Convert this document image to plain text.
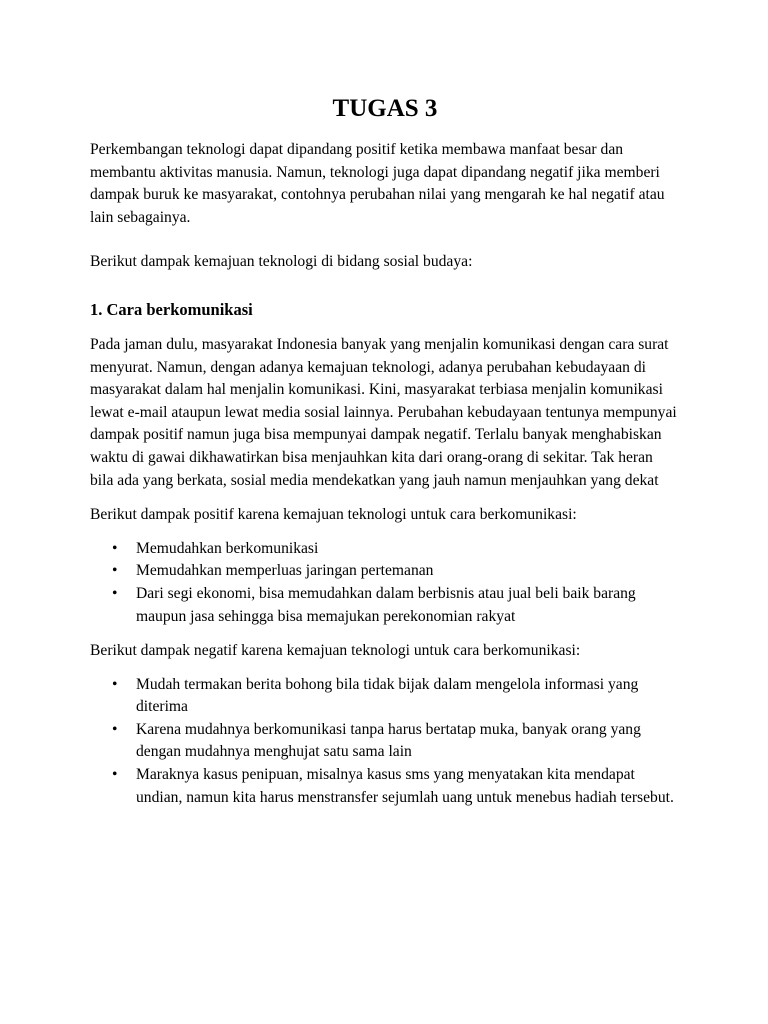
TUGAS 3

Perkembangan teknologi dapat dipandang positif ketika membawa manfaat besar dan membantu aktivitas manusia. Namun, teknologi juga dapat dipandang negatif jika memberi dampak buruk ke masyarakat, contohnya perubahan nilai yang mengarah ke hal negatif atau lain sebagainya.

Berikut dampak kemajuan teknologi di bidang sosial budaya:

1. Cara berkomunikasi

Pada jaman dulu, masyarakat Indonesia banyak yang menjalin komunikasi dengan cara surat menyurat. Namun, dengan adanya kemajuan teknologi, adanya perubahan kebudayaan di masyarakat dalam hal menjalin komunikasi. Kini, masyarakat terbiasa menjalin komunikasi lewat e-mail ataupun lewat media sosial lainnya. Perubahan kebudayaan tentunya mempunyai dampak positif namun juga bisa mempunyai dampak negatif. Terlalu banyak menghabiskan waktu di gawai dikhawatirkan bisa menjauhkan kita dari orang-orang di sekitar. Tak heran bila ada yang berkata, sosial media mendekatkan yang jauh namun menjauhkan yang dekat

Berikut dampak positif karena kemajuan teknologi untuk cara berkomunikasi:

• Memudahkan berkomunikasi
• Memudahkan memperluas jaringan pertemanan
• Dari segi ekonomi, bisa memudahkan dalam berbisnis atau jual beli baik barang maupun jasa sehingga bisa memajukan perekonomian rakyat

Berikut dampak negatif karena kemajuan teknologi untuk cara berkomunikasi:

• Mudah termakan berita bohong bila tidak bijak dalam mengelola informasi yang diterima
• Karena mudahnya berkomunikasi tanpa harus bertatap muka, banyak orang yang dengan mudahnya menghujat satu sama lain
• Maraknya kasus penipuan, misalnya kasus sms yang menyatakan kita mendapat undian, namun kita harus menstransfer sejumlah uang untuk menebus hadiah tersebut.
